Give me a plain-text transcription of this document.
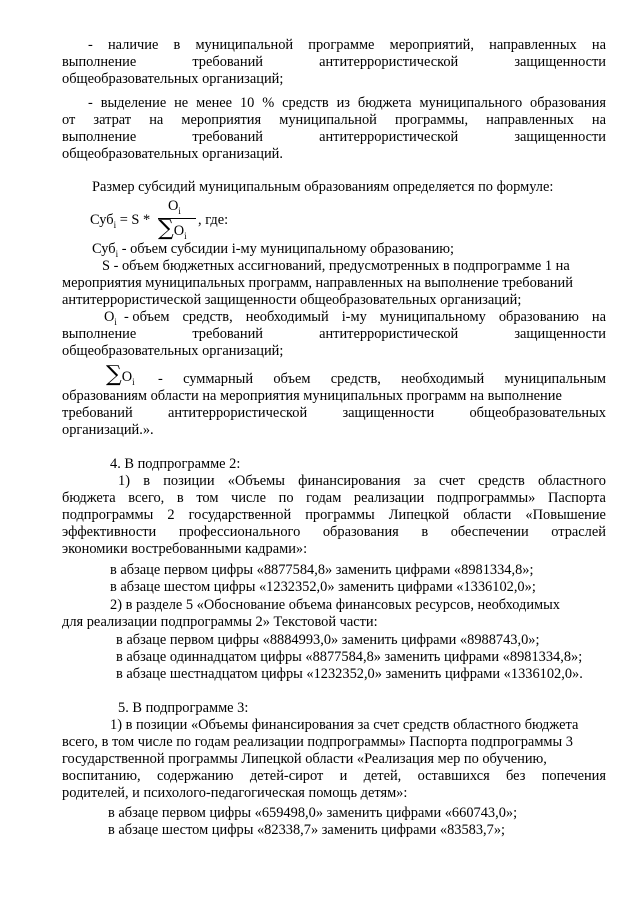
- наличие в муниципальной программе мероприятий, направленных на
выполнение	требований	антитеррористической	защищенности
общеобразовательных организаций;
- выделение не менее 10 % средств из бюджета муниципального образования
от затрат на мероприятия муниципальной программы, направленных на
выполнение	требований	антитеррористической	защищенности
общеобразовательных организаций.
Размер субсидий муниципальным образованиям определяется по формуле:
Суб$_i$ = S *
$O_i$
$\sum O_i$
, где:
Суб$_i$ - объем субсидии i-му муниципальному образованию;
S - объем бюджетных ассигнований, предусмотренных в подпрограмме 1 на
мероприятия муниципальных программ, направленных на выполнение требований
антитеррористической защищенности общеобразовательных организаций;
$О_i$ - объем средств, необходимый i-му муниципальному образованию на
выполнение	требований	антитеррористической	защищенности
общеобразовательных организаций;
$\sum O_i$	- суммарный объем средств, необходимый муниципальным
образованиям области на мероприятия муниципальных программ на выполнение
требований антитеррористической защищенности общеобразовательных
организаций.».
4. В подпрограмме 2:
1) в позиции «Объемы финансирования за счет средств областного
бюджета всего, в том числе по годам реализации подпрограммы» Паспорта
подпрограммы 2 государственной программы Липецкой области «Повышение
эффективности профессионального образования в обеспечении отраслей
экономики востребованными кадрами»:
в абзаце первом цифры «8877584,8» заменить цифрами «8981334,8»;
в абзаце шестом цифры «1232352,0» заменить цифрами «1336102,0»;
2) в разделе 5 «Обоснование объема финансовых ресурсов, необходимых
для реализации подпрограммы 2» Текстовой части:
в абзаце первом цифры «8884993,0» заменить цифрами «8988743,0»;
в абзаце одиннадцатом цифры «8877584,8» заменить цифрами «8981334,8»;
в абзаце шестнадцатом цифры «1232352,0» заменить цифрами «1336102,0».
5. В подпрограмме 3:
1) в позиции «Объемы финансирования за счет средств областного бюджета
всего, в том числе по годам реализации подпрограммы» Паспорта подпрограммы 3
государственной программы Липецкой области «Реализация мер по обучению,
воспитанию, содержанию детей-сирот и детей, оставшихся без попечения
родителей, и психолого-педагогическая помощь детям»:
в абзаце первом цифры «659498,0» заменить цифрами «660743,0»;
в абзаце шестом цифры «82338,7» заменить цифрами «83583,7»;
